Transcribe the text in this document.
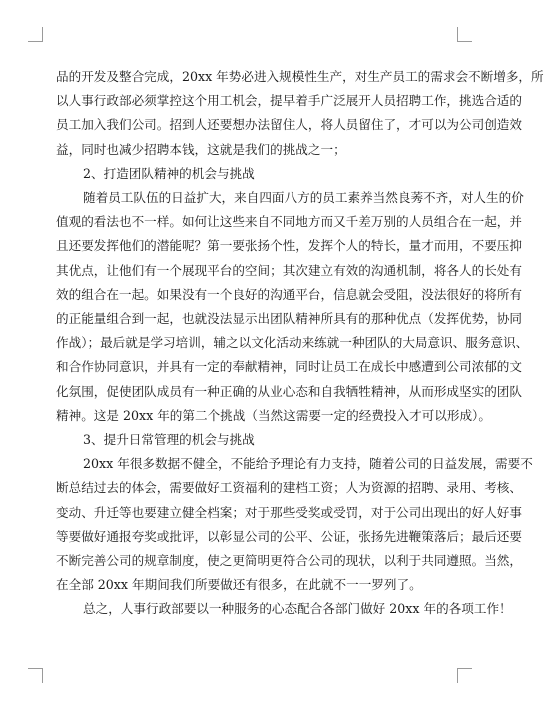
品的开发及整合完成，20xx 年势必进入规模性生产，对生产员工的需求会不断增多，所
以人事行政部必须掌控这个用工机会，提早着手广泛展开人员招聘工作，挑选合适的
员工加入我们公司。招到人还要想办法留住人，将人员留住了，才可以为公司创造效
益，同时也减少招聘本钱，这就是我们的挑战之一；

2、打造团队精神的机会与挑战

随着员工队伍的日益扩大，来自四面八方的员工素养当然良莠不齐，对人生的价
值观的看法也不一样。如何让这些来自不同地方而又千差万别的人员组合在一起，并
且还要发挥他们的潜能呢？第一要张扬个性，发挥个人的特长，量才而用，不要压抑
其优点，让他们有一个展现平台的空间；其次建立有效的沟通机制，将各人的长处有
效的组合在一起。如果没有一个良好的沟通平台，信息就会受阻，没法很好的将所有
的正能量组合到一起，也就没法显示出团队精神所具有的那种优点（发挥优势，协同
作战）；最后就是学习培训，辅之以文化活动来练就一种团队的大局意识、服务意识、
和合作协同意识，并具有一定的奉献精神，同时让员工在成长中感遭到公司浓郁的文
化氛围，促使团队成员有一种正确的从业心态和自我牺牲精神，从而形成坚实的团队
精神。这是 20xx 年的第二个挑战（当然这需要一定的经费投入才可以形成）。

3、提升日常管理的机会与挑战

20xx 年很多数据不健全，不能给予理论有力支持，随着公司的日益发展，需要不
断总结过去的体会，需要做好工资福利的建档工资；人为资源的招聘、录用、考核、
变动、升迁等也要建立健全档案；对于那些受奖或受罚，对于公司出现出的好人好事
等要做好通报夸奖或批评，以彰显公司的公平、公证，张扬先进鞭策落后；最后还要
不断完善公司的规章制度，使之更简明更符合公司的现状，以利于共同遵照。当然，
在全部 20xx 年期间我们所要做还有很多，在此就不一一罗列了。

总之，人事行政部要以一种服务的心态配合各部门做好 20xx 年的各项工作！
